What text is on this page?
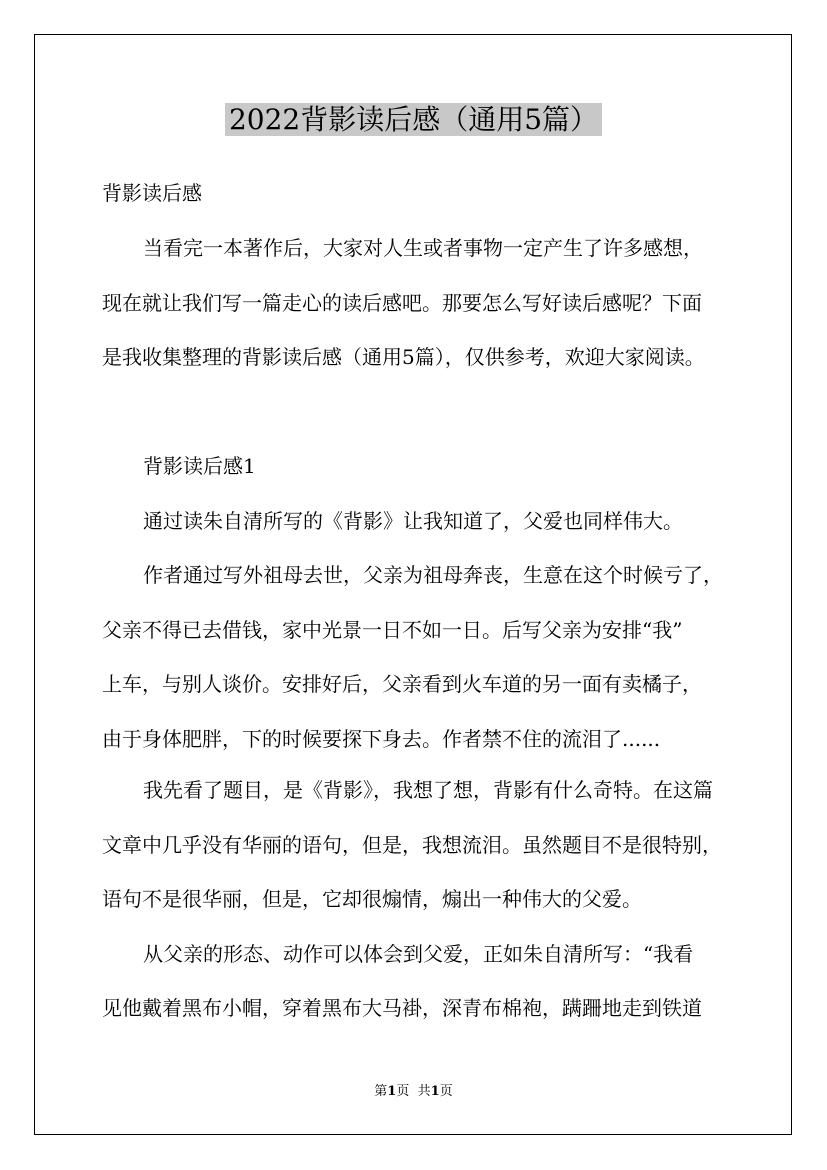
2022背影读后感（通用5篇）

背影读后感

当看完一本著作后，大家对人生或者事物一定产生了许多感想，

现在就让我们写一篇走心的读后感吧。那要怎么写好读后感呢？下面

是我收集整理的背影读后感（通用5篇），仅供参考，欢迎大家阅读。

背影读后感1

通过读朱自清所写的《背影》让我知道了，父爱也同样伟大。

作者通过写外祖母去世，父亲为祖母奔丧，生意在这个时候亏了，

父亲不得已去借钱，家中光景一日不如一日。后写父亲为安排“我”

上车，与别人谈价。安排好后，父亲看到火车道的另一面有卖橘子，

由于身体肥胖，下的时候要探下身去。作者禁不住的流泪了......

我先看了题目，是《背影》，我想了想，背影有什么奇特。在这篇

文章中几乎没有华丽的语句，但是，我想流泪。虽然题目不是很特别，

语句不是很华丽，但是，它却很煽情，煽出一种伟大的父爱。

从父亲的形态、动作可以体会到父爱，正如朱自清所写：“我看

见他戴着黑布小帽，穿着黑布大马褂，深青布棉袍，蹒跚地走到铁道

第1页 共1页
